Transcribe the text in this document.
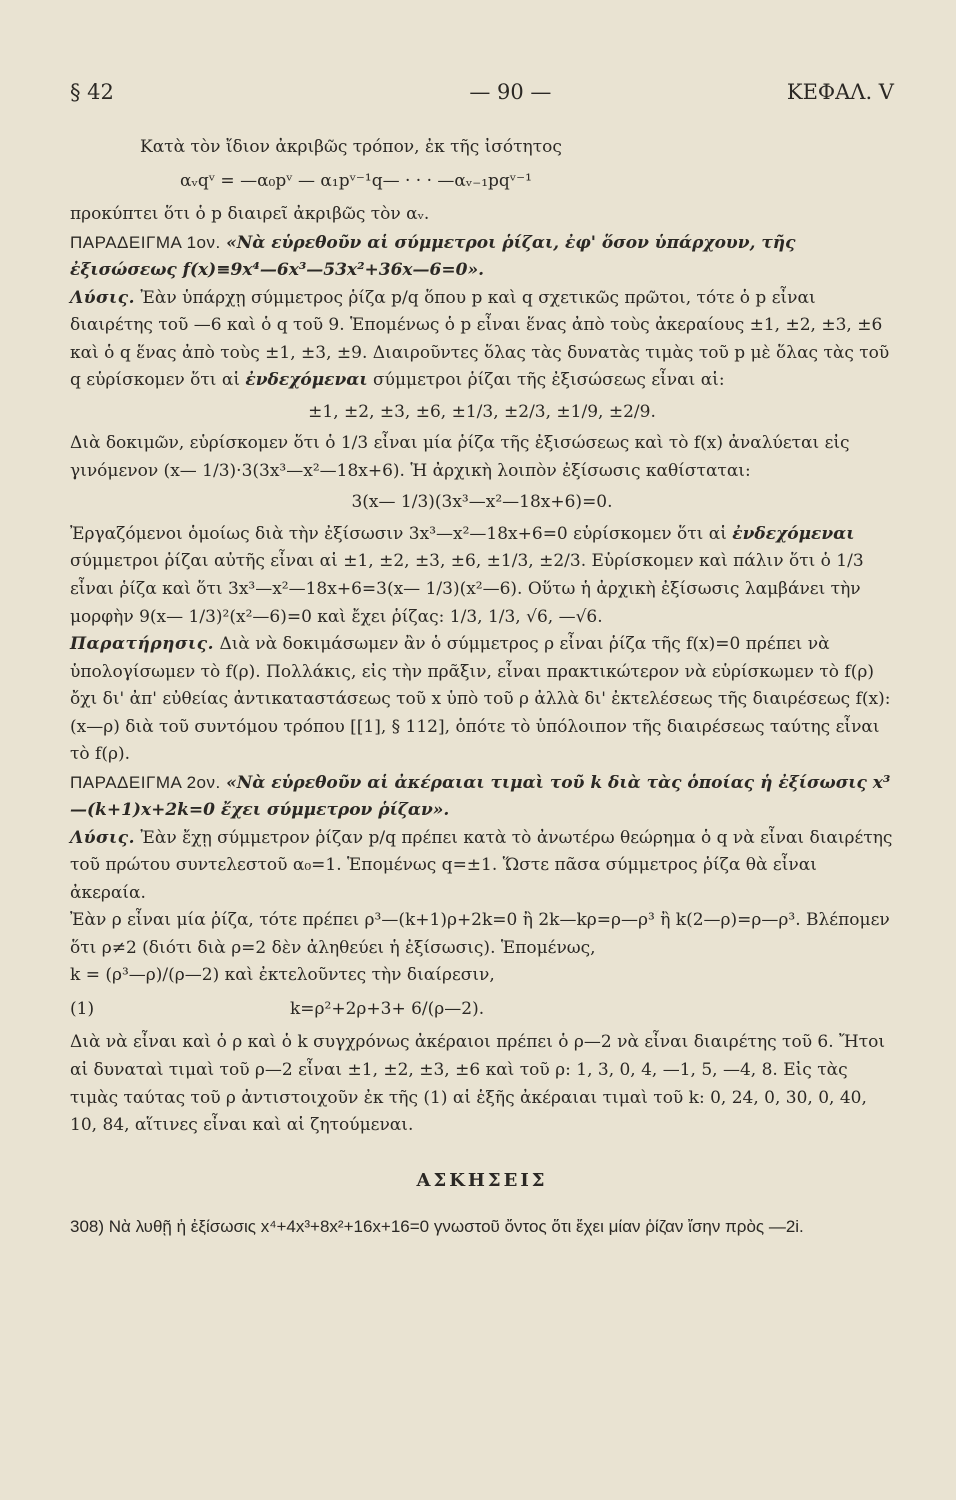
§ 42	— 90 —	ΚΕΦΑΛ. V

Κατὰ τὸν ἴδιον ἀκριβῶς τρόπον, ἐκ τῆς ἰσότητος

αᵥqᵛ = —α₀pᵛ — α₁pᵛ⁻¹q— · · · —αᵥ₋₁pqᵛ⁻¹

προκύπτει ὅτι ὁ p διαιρεῖ ἀκριβῶς τὸν αᵥ.

ΠΑΡΑΔΕΙΓΜΑ 1ον. «Νὰ εὑρεθοῦν αἱ σύμμετροι ῥίζαι, ἐφ' ὅσον ὑπάρχουν, τῆς ἐξισώσεως f(x)≡9x⁴—6x³—53x²+36x—6=0».

Λύσις. Ἐὰν ὑπάρχῃ σύμμετρος ῥίζα p/q ὅπου p καὶ q σχετικῶς πρῶτοι, τότε ὁ p εἶναι διαιρέτης τοῦ —6 καὶ ὁ q τοῦ 9. Ἑπομένως ὁ p εἶναι ἕνας ἀπὸ τοὺς ἀκεραίους ±1, ±2, ±3, ±6 καὶ ὁ q ἕνας ἀπὸ τοὺς ±1, ±3, ±9. Διαιροῦντες ὅλας τὰς δυνατὰς τιμὰς τοῦ p μὲ ὅλας τὰς τοῦ q εὑρίσκομεν ὅτι αἱ ἐνδεχόμεναι σύμμετροι ῥίζαι τῆς ἐξισώσεως εἶναι αἱ:

±1, ±2, ±3, ±6, ±1/3, ±2/3, ±1/9, ±2/9.

Διὰ δοκιμῶν, εὑρίσκομεν ὅτι ὁ 1/3 εἶναι μία ῥίζα τῆς ἐξισώσεως καὶ τὸ f(x) ἀναλύεται εἰς γινόμενον (x— 1/3)·3(3x³—x²—18x+6). Ἡ ἀρχικὴ λοιπὸν ἐξίσωσις καθίσταται:

3(x— 1/3)(3x³—x²—18x+6)=0.

Ἐργαζόμενοι ὁμοίως διὰ τὴν ἐξίσωσιν 3x³—x²—18x+6=0 εὑρίσκομεν ὅτι αἱ ἐνδεχόμεναι σύμμετροι ῥίζαι αὐτῆς εἶναι αἱ ±1, ±2, ±3, ±6, ±1/3, ±2/3. Εὑρίσκομεν καὶ πάλιν ὅτι ὁ 1/3 εἶναι ῥίζα καὶ ὅτι 3x³—x²—18x+6=3(x— 1/3)(x²—6). Οὕτω ἡ ἀρχικὴ ἐξίσωσις λαμβάνει τὴν μορφὴν 9(x— 1/3)²(x²—6)=0 καὶ ἔχει ῥίζας: 1/3, 1/3, √6, —√6.

Παρατήρησις. Διὰ νὰ δοκιμάσωμεν ἂν ὁ σύμμετρος ρ εἶναι ῥίζα τῆς f(x)=0 πρέπει νὰ ὑπολογίσωμεν τὸ f(ρ). Πολλάκις, εἰς τὴν πρᾶξιν, εἶναι πρακτικώτερον νὰ εὑρίσκωμεν τὸ f(ρ) ὄχι δι' ἀπ' εὐθείας ἀντικαταστάσεως τοῦ x ὑπὸ τοῦ ρ ἀλλὰ δι' ἐκτελέσεως τῆς διαιρέσεως f(x):(x—ρ) διὰ τοῦ συντόμου τρόπου [[1], § 112], ὁπότε τὸ ὑπόλοιπον τῆς διαιρέσεως ταύτης εἶναι τὸ f(ρ).

ΠΑΡΑΔΕΙΓΜΑ 2ον. «Νὰ εὑρεθοῦν αἱ ἀκέραιαι τιμαὶ τοῦ k διὰ τὰς ὁποίας ἡ ἐξίσωσις x³—(k+1)x+2k=0 ἔχει σύμμετρον ῥίζαν».

Λύσις. Ἐὰν ἔχῃ σύμμετρον ῥίζαν p/q πρέπει κατὰ τὸ ἀνωτέρω θεώρημα ὁ q νὰ εἶναι διαιρέτης τοῦ πρώτου συντελεστοῦ α₀=1. Ἑπομένως q=±1. Ὥστε πᾶσα σύμμετρος ῥίζα θὰ εἶναι ἀκεραία.

Ἐὰν ρ εἶναι μία ῥίζα, τότε πρέπει ρ³—(k+1)ρ+2k=0 ἢ 2k—kρ=ρ—ρ³ ἢ k(2—ρ)=ρ—ρ³. Βλέπομεν ὅτι ρ≠2 (διότι διὰ ρ=2 δὲν ἀληθεύει ἡ ἐξίσωσις). Ἑπομένως,

k = (ρ³—ρ)/(ρ—2) καὶ ἐκτελοῦντες τὴν διαίρεσιν,

(1)	k=ρ²+2ρ+3+ 6/(ρ—2).

Διὰ νὰ εἶναι καὶ ὁ ρ καὶ ὁ k συγχρόνως ἀκέραιοι πρέπει ὁ ρ—2 νὰ εἶναι διαιρέτης τοῦ 6. Ἤτοι αἱ δυναταὶ τιμαὶ τοῦ ρ—2 εἶναι ±1, ±2, ±3, ±6 καὶ τοῦ ρ: 1, 3, 0, 4, —1, 5, —4, 8. Εἰς τὰς τιμὰς ταύτας τοῦ ρ ἀντιστοιχοῦν ἐκ τῆς (1) αἱ ἑξῆς ἀκέραιαι τιμαὶ τοῦ k: 0, 24, 0, 30, 0, 40, 10, 84, αἵτινες εἶναι καὶ αἱ ζητούμεναι.

ΑΣΚΗΣΕΙΣ

308) Νὰ λυθῇ ἡ ἐξίσωσις x⁴+4x³+8x²+16x+16=0 γνωστοῦ ὄντος ὅτι ἔχει μίαν ῥίζαν ἴσην πρὸς —2i.
